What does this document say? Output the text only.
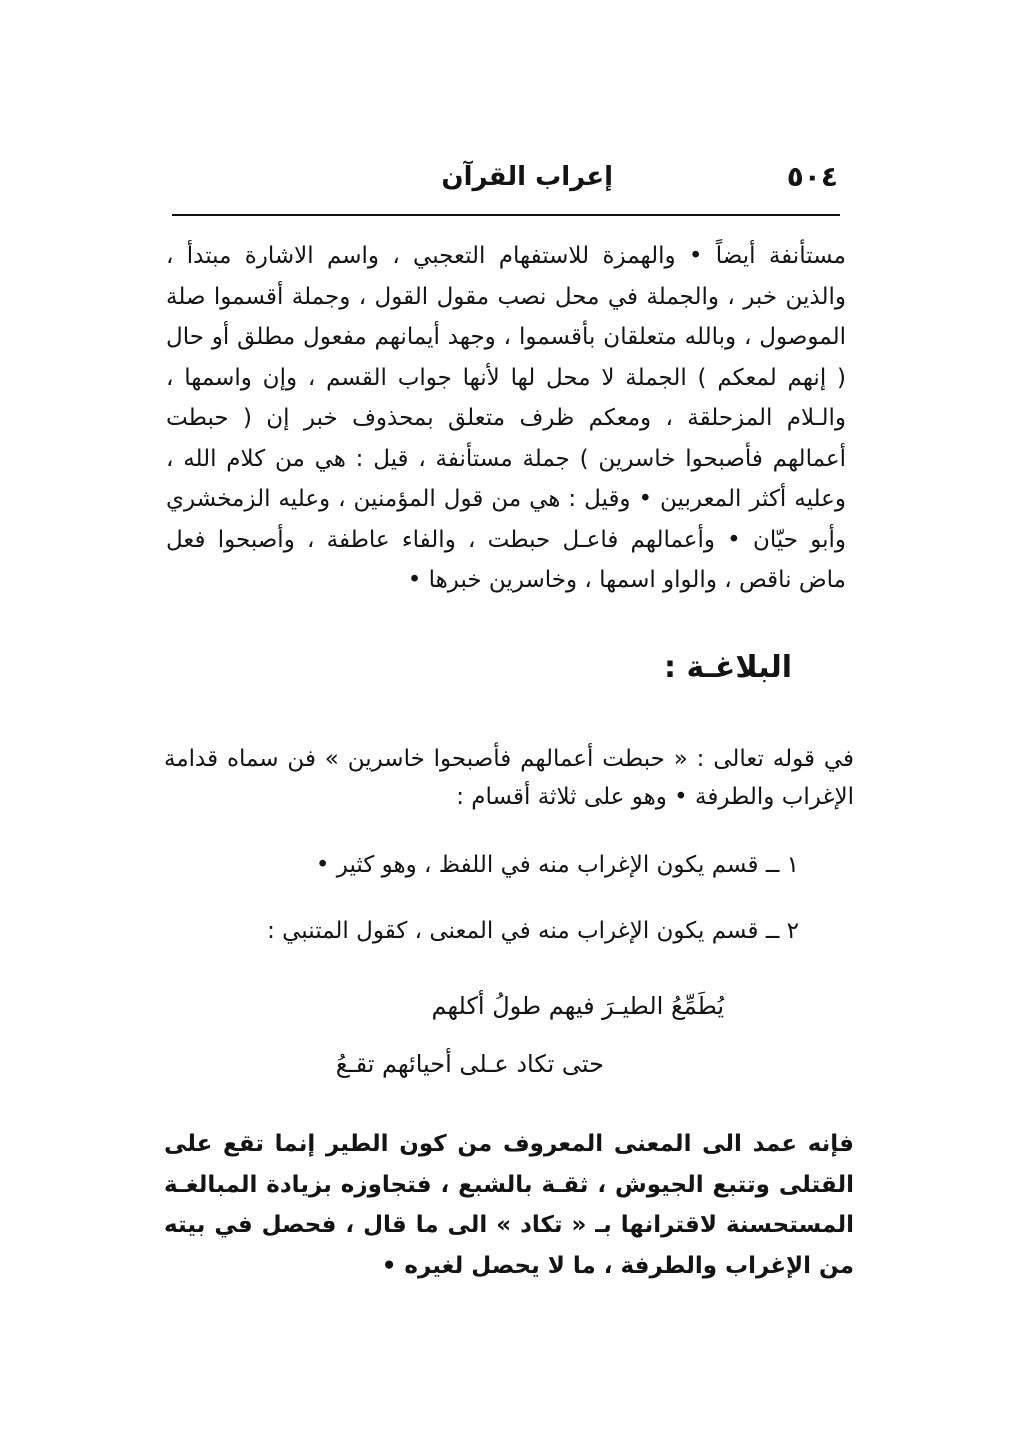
٥٠٤
إعراب القرآن

مستأنفة أيضاً • والهمزة للاستفهام التعجبي ، واسم الاشارة مبتدأ ، والذين خبر ، والجملة في محل نصب مقول القول ، وجملة أقسموا صلة الموصول ، وبالله متعلقان بأقسموا ، وجهد أيمانهم مفعول مطلق أو حال ( إنهم لمعكم ) الجملة لا محل لها لأنها جواب القسم ، وإن واسمها ، والـلام المزحلقة ، ومعكم ظرف متعلق بمحذوف خبر إن ( حبطت أعمالهم فأصبحوا خاسرين ) جملة مستأنفة ، قيل : هي من كلام الله ، وعليه أكثر المعربين • وقيل : هي من قول المؤمنين ، وعليه الزمخشري وأبو حيّان • وأعمالهم فاعـل حبطت ، والفاء عاطفة ، وأصبحوا فعل ماض ناقص ، والواو اسمها ، وخاسرين خبرها •

البلاغـة :

في قوله تعالى : « حبطت أعمالهم فأصبحوا خاسرين » فن سماه قدامة الإغراب والطرفة • وهو على ثلاثة أقسام :

١ ــ قسم يكون الإغراب منه في اللفظ ، وهو كثير •
٢ ــ قسم يكون الإغراب منه في المعنى ، كقول المتنبي :
يُطَمِّعُ الطيـرَ فيهم طولُ أكلهم
حتى تكاد عـلى أحيائهم تقـعُ

فإنه عمد الى المعنى المعروف من كون الطير إنما تقع على القتلى وتتبع الجيوش ، ثقـة بالشبع ، فتجاوزه بزيادة المبالغـة المستحسنة لاقترانها بـ « تكاد » الى ما قال ، فحصل في بيته من الإغراب والطرفة ، ما لا يحصل لغيره •
